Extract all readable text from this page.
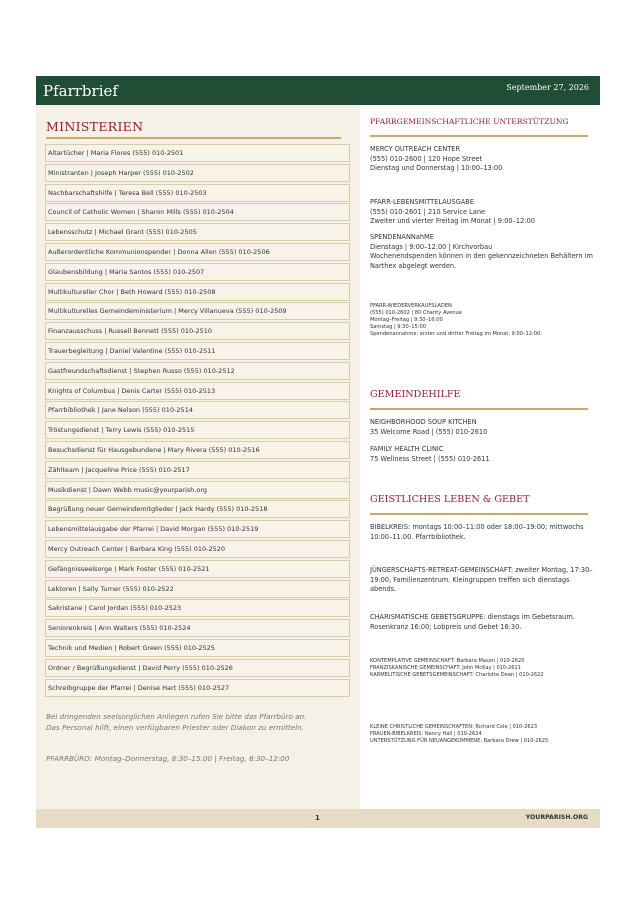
Pfarrbrief	September 27, 2026
MINISTERIEN
Altartücher | Maria Flores (555) 010-2501
Ministranten | Joseph Harper (555) 010-2502
Nachbarschaftshilfe | Teresa Bell (555) 010-2503
Council of Catholic Women | Sharon Mills (555) 010-2504
Lebensschutz | Michael Grant (555) 010-2505
Außerordentliche Kommunionspender | Donna Allen (555) 010-2506
Glaubensbildung | Maria Santos (555) 010-2507
Multikultureller Chor | Beth Howard (555) 010-2508
Multikulturelles Gemeindeministerium | Mercy Villanueva (555) 010-2509
Finanzausschuss | Russell Bennett (555) 010-2510
Trauerbegleitung | Daniel Valentine (555) 010-2511
Gastfreundschaftsdienst | Stephen Russo (555) 010-2512
Knights of Columbus | Denis Carter (555) 010-2513
Pfarrbibliothek | Jane Nelson (555) 010-2514
Tröstungsdienst | Terry Lewis (555) 010-2515
Besuchsdienst für Hausgebundene | Mary Rivera (555) 010-2516
Zählteam | Jacqueline Price (555) 010-2517
Musikdienst | Dawn Webb music@yourparish.org
Begrüßung neuer Gemeindemitglieder | Jack Hardy (555) 010-2518
Lebensmittelausgabe der Pfarrei | David Morgan (555) 010-2519
Mercy Outreach Center | Barbara King (555) 010-2520
Gefängnisseelsorge | Mark Foster (555) 010-2521
Lektoren | Sally Turner (555) 010-2522
Sakristane | Carol Jordan (555) 010-2523
Seniorenkreis | Ann Walters (555) 010-2524
Technik und Medien | Robert Green (555) 010-2525
Ordner / Begrüßungsdienst | David Perry (555) 010-2526
Schreibgruppe der Pfarrei | Denise Hart (555) 010-2527
Bei dringenden seelsorglichen Anliegen rufen Sie bitte das Pfarrbüro an. Das Personal hilft, einen verfügbaren Priester oder Diakon zu ermitteln.
PFARRBÜRO: Montag–Donnerstag, 8:30–15:00 | Freitag, 8:30–12:00
PFARRGEMEINSCHAFTLICHE UNTERSTÜTZUNG
MERCY OUTREACH CENTER
(555) 010-2600 | 120 Hope Street
Dienstag und Donnerstag | 10:00–13:00
PFARR-LEBENSMITTELAUSGABE
(555) 010-2601 | 210 Service Lane
Zweiter und vierter Freitag im Monat | 9:00–12:00
SPENDENANNahME
Dienstags | 9:00–12:00 | Kirchvorbau
Wochenendspenden können in den gekennzeichneten Behältern im Narthex abgelegt werden.
PFARR-WIEDERVERKAUFSLADEN
(555) 010-2602 | 80 Charity Avenue
Montag–Freitag | 9:30–16:00
Samstag | 9:30–15:00
Spendenannahme: erster und dritter Freitag im Monat, 9:00–12:00.
GEMEINDEHILFE
NEIGHBORHOOD SOUP KITCHEN
35 Welcome Road | (555) 010-2610
FAMILY HEALTH CLINIC
75 Wellness Street | (555) 010-2611
GEISTLICHES LEBEN & GEBET
BIBELKREIS: montags 10:00–11:00 oder 18:00–19:00; mittwochs 10:00–11:00. Pfarrbibliothek.
JÜNGERSCHAFTS-RETREAT-GEMEINSCHAFT: zweiter Montag, 17:30–19:00, Familienzentrum. Kleingruppen treffen sich dienstags abends.
CHARISMATISCHE GEBETSGRUPPE: dienstags im Gebetsraum. Rosenkranz 16:00; Lobpreis und Gebet 16:30.
KONTEMPLATIVE GEMEINSCHAFT: Barbara Mason | 010-2620
FRANZISKANISCHE GEMEINSCHAFT: John McKay | 010-2621
KARMELITISCHE GEBETSGEMEINSCHAFT: Charlotte Dean | 010-2622
KLEINE CHRISTLICHE GEMEINSCHAFTEN: Richard Cole | 010-2623
FRAUEN-BIBELKREIS: Nancy Hall | 010-2624
UNTERSTÜTZUNG FÜR NEUANGEKOMMENE: Barbara Drew | 010-2625
1	YOURPARISH.ORG
